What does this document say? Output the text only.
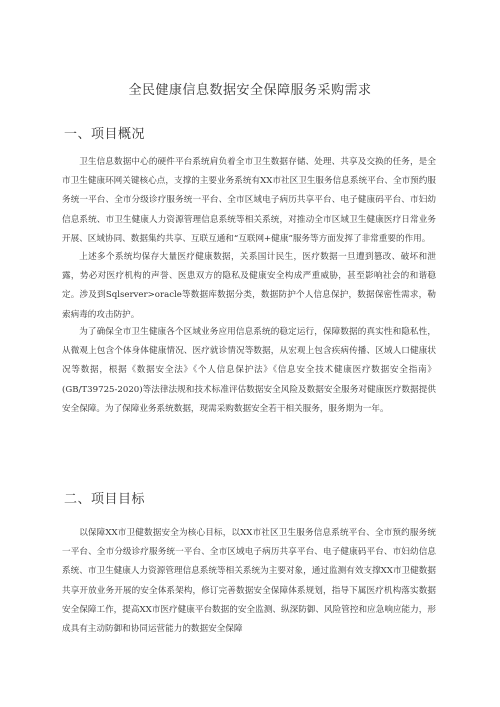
全民健康信息数据安全保障服务采购需求
一、项目概况

卫生信息数据中心的硬件平台系统肩负着全市卫生数据存储、处理、共享及交换的任务，是全市卫生健康环网关键核心点，支撑的主要业务系统有XX市社区卫生服务信息系统平台、全市预约服务统一平台、全市分级诊疗服务统一平台、全市区域电子病历共享平台、电子健康码平台、市妇幼信息系统、市卫生健康人力资源管理信息系统等相关系统，对推动全市区域卫生健康医疗日常业务开展、区域协同、数据集约共享、互联互通和“互联网+健康”服务等方面发挥了非常重要的作用。

上述多个系统均保存大量医疗健康数据，关系国计民生，医疗数据一旦遭到篡改、破坏和泄露，势必对医疗机构的声誉、医患双方的隐私及健康安全构成严重威胁，甚至影响社会的和谐稳定。涉及到Sqlserver>oracle等数据库数据分类，数据防护个人信息保护，数据保密性需求，勒索病毒的攻击防护。

为了确保全市卫生健康各个区域业务应用信息系统的稳定运行，保障数据的真实性和隐私性，从微观上包含个体身体健康情况、医疗就诊情况等数据，从宏观上包含疾病传播、区域人口健康状况等数据，根据《数据安全法》《个人信息保护法》《信息安全技术健康医疗数据安全指南》(GB/T39725-2020)等法律法规和技术标准评估数据安全风险及数据安全服务对健康医疗数据提供安全保障。为了保障业务系统数据，现需采购数据安全若干相关服务，服务期为一年。

二、项目目标

以保障XX市卫健数据安全为核心目标，以XX市社区卫生服务信息系统平台、全市预约服务统一平台、全市分级诊疗服务统一平台、全市区域电子病历共享平台、电子健康码平台、市妇幼信息系统、市卫生健康人力资源管理信息系统等相关系统为主要对象，通过监测有效支撑XX市卫健数据共享开放业务开展的安全体系架构，修订完善数据安全保障体系规划，指导下属医疗机构落实数据安全保障工作，提高XX市医疗健康平台数据的安全监测、纵深防御、风险管控和应急响应能力，形成具有主动防御和协同运营能力的数据安全保障
